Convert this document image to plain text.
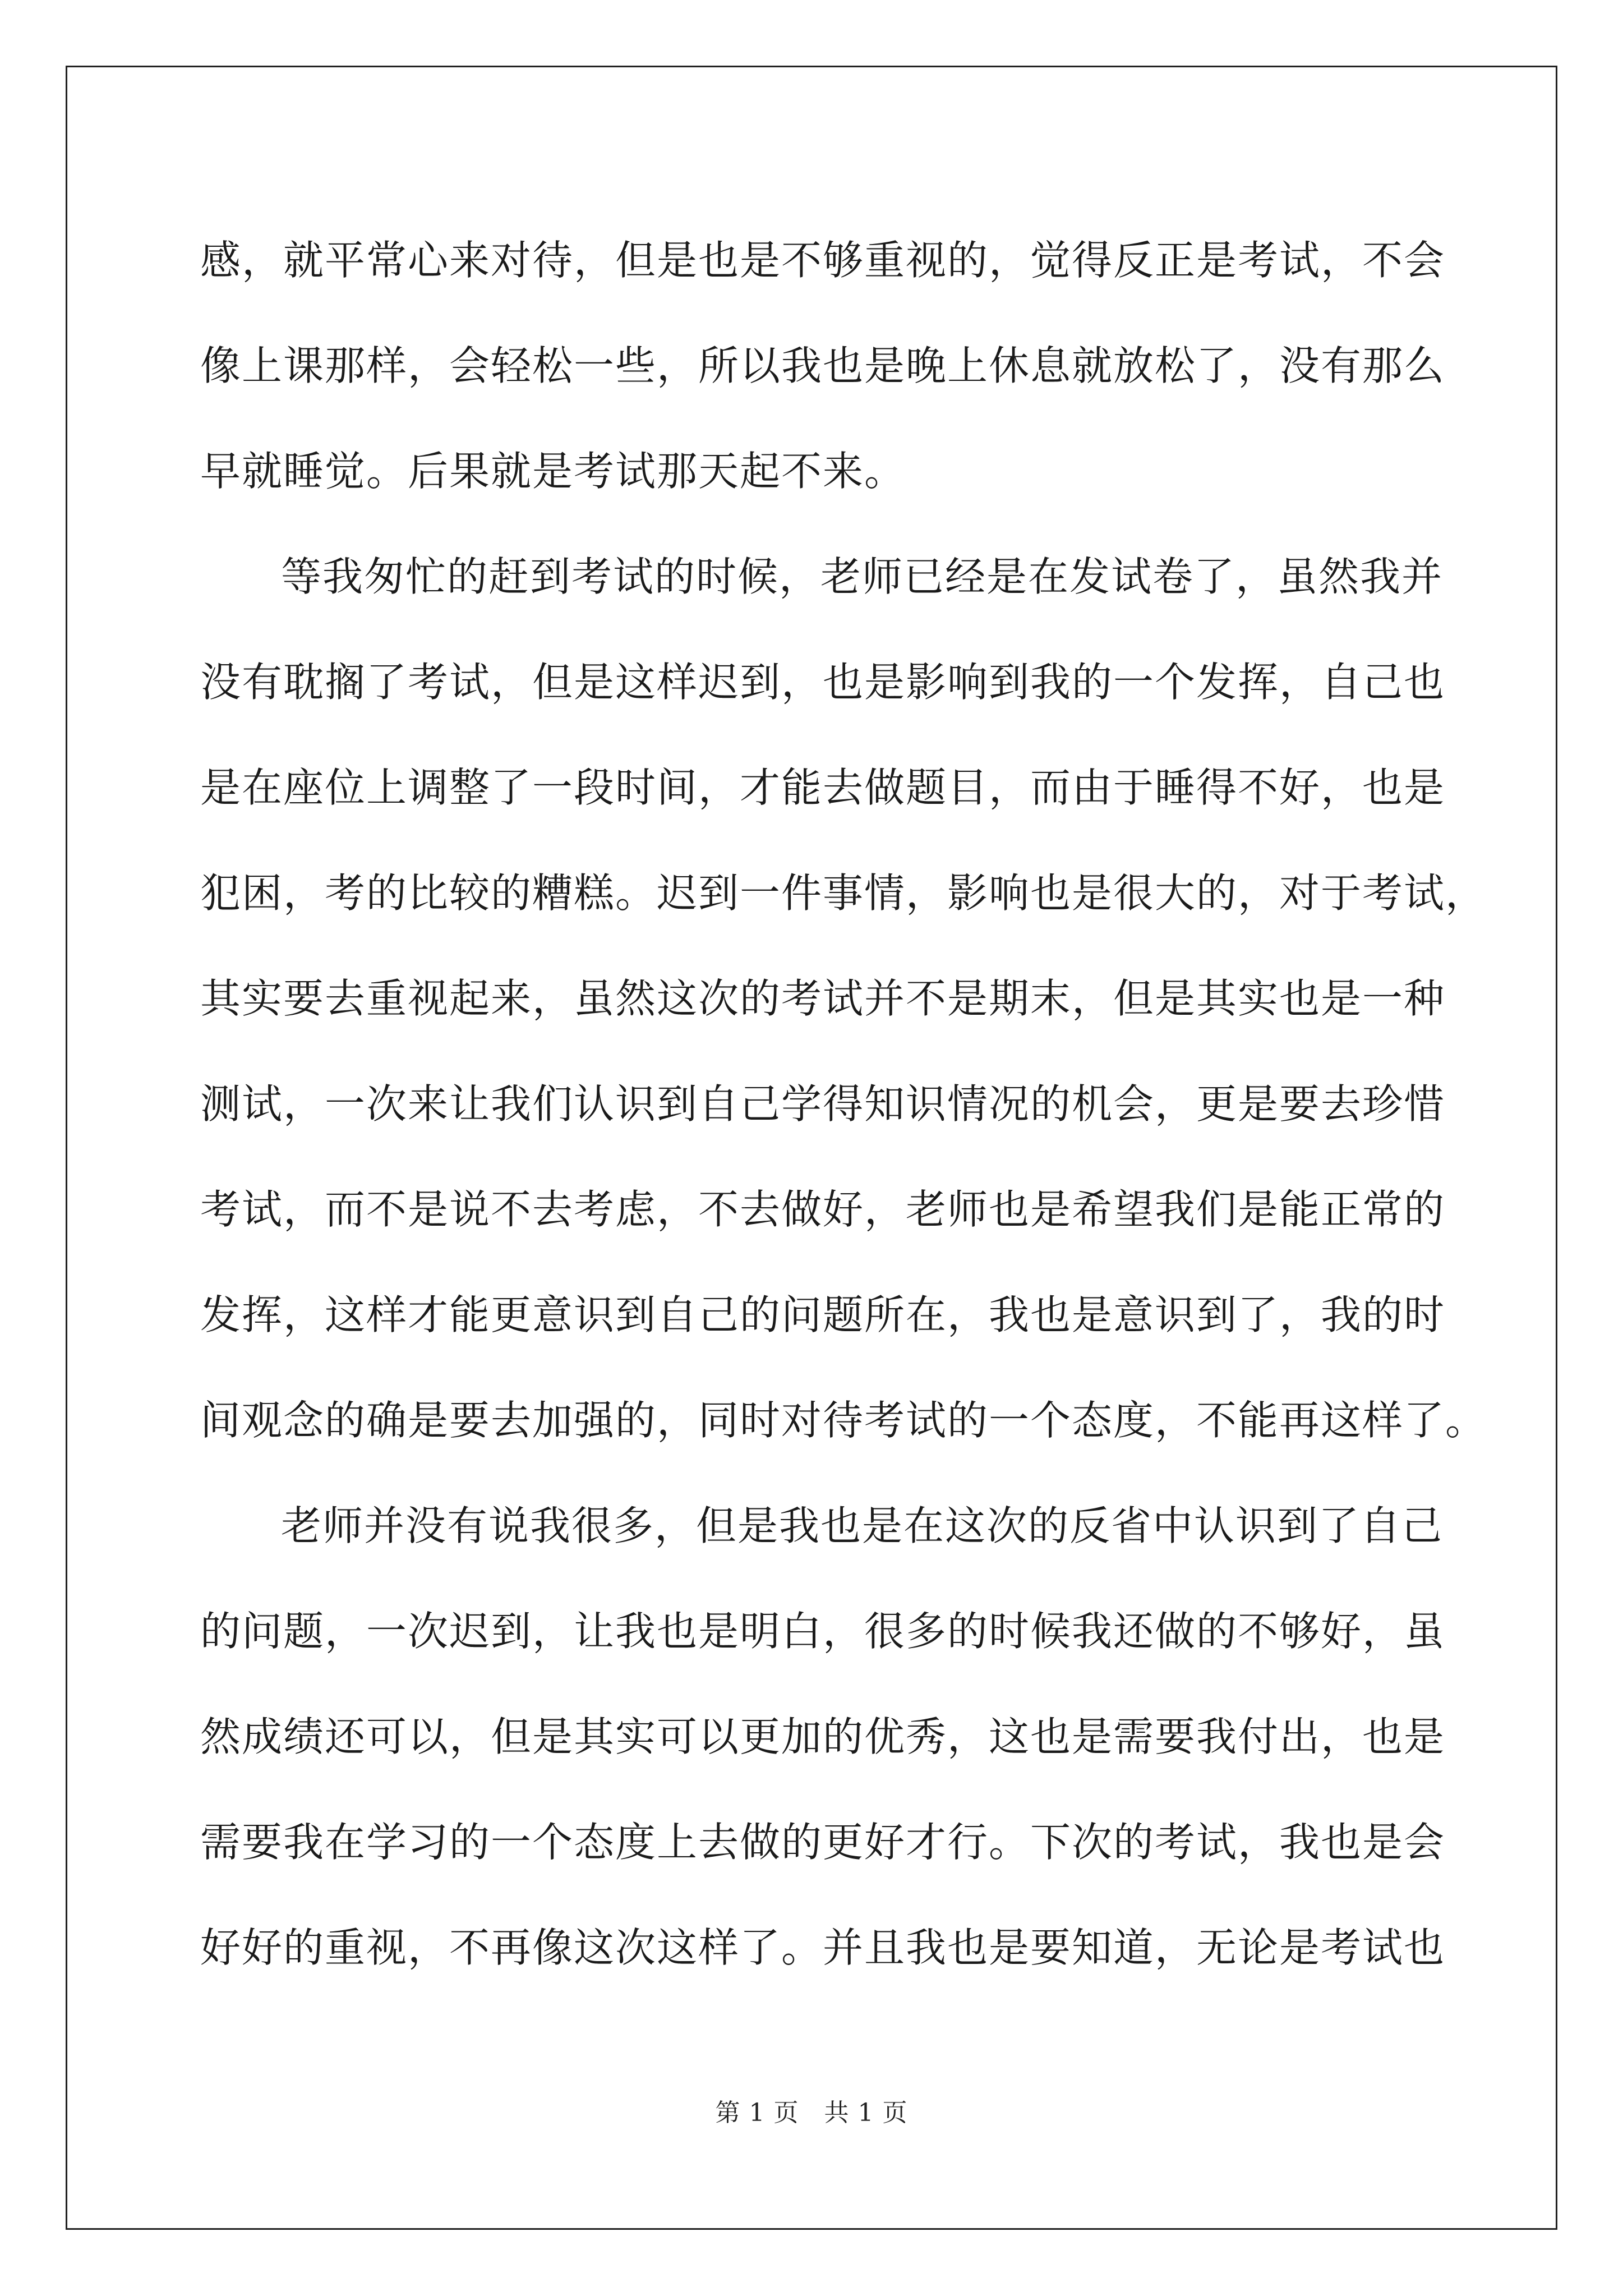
感，就平常心来对待，但是也是不够重视的，觉得反正是考试，不会
像上课那样，会轻松一些，所以我也是晚上休息就放松了，没有那么
早就睡觉。后果就是考试那天起不来。
等我匆忙的赶到考试的时候，老师已经是在发试卷了，虽然我并
没有耽搁了考试，但是这样迟到，也是影响到我的一个发挥，自己也
是在座位上调整了一段时间，才能去做题目，而由于睡得不好，也是
犯困，考的比较的糟糕。迟到一件事情，影响也是很大的，对于考试，
其实要去重视起来，虽然这次的考试并不是期末，但是其实也是一种
测试，一次来让我们认识到自己学得知识情况的机会，更是要去珍惜
考试，而不是说不去考虑，不去做好，老师也是希望我们是能正常的
发挥，这样才能更意识到自己的问题所在，我也是意识到了，我的时
间观念的确是要去加强的，同时对待考试的一个态度，不能再这样了。
老师并没有说我很多，但是我也是在这次的反省中认识到了自己
的问题，一次迟到，让我也是明白，很多的时候我还做的不够好，虽
然成绩还可以，但是其实可以更加的优秀，这也是需要我付出，也是
需要我在学习的一个态度上去做的更好才行。下次的考试，我也是会
好好的重视，不再像这次这样了。并且我也是要知道，无论是考试也
第 1 页   共 1 页
